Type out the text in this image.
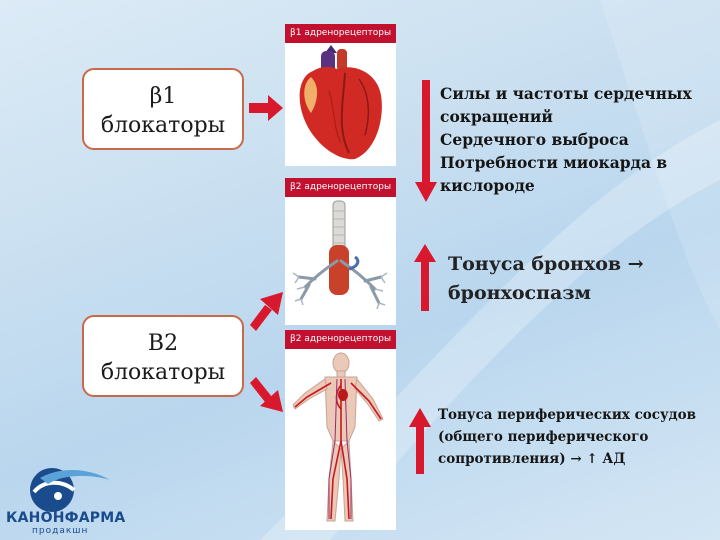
β1
блокаторы
В2
блокаторы
β1 адренорецепторы
β2 адренорецепторы
β2 адренорецепторы
Силы и частоты сердечных
сокращений
Сердечного выброса
Потребности миокарда в
кислороде
Тонуса бронхов →
бронхоспазм
Тонуса периферических сосудов
(общего периферического
сопротивления) → ↑ АД
КАНОНФАРМА
продакшн
